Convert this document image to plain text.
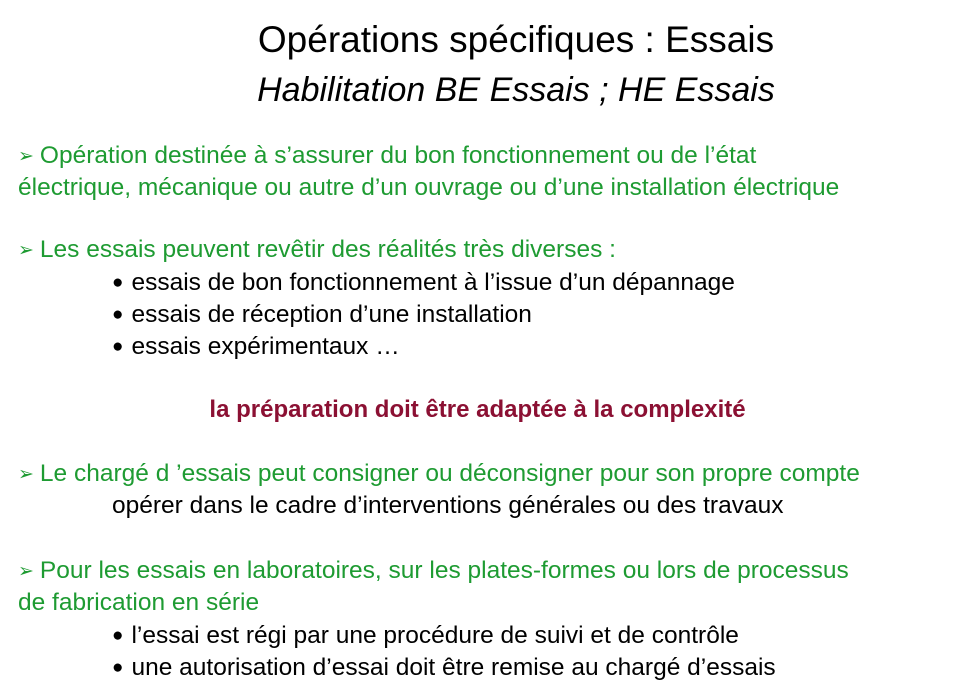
Opérations spécifiques : Essais
Habilitation BE Essais ; HE Essais
➢ Opération destinée à s’assurer du bon fonctionnement ou de l’état
électrique, mécanique ou autre d’un ouvrage ou d’une installation électrique
➢ Les essais peuvent revêtir des réalités très diverses :
● essais de bon fonctionnement à l’issue d’un dépannage
● essais de réception d’une installation
● essais expérimentaux …
la préparation doit être adaptée à la complexité
➢ Le chargé d ’essais peut consigner ou déconsigner pour son propre compte
opérer dans le cadre d’interventions générales ou des travaux
➢ Pour les essais en laboratoires, sur les plates-formes ou lors de processus
de fabrication en série
● l’essai est régi par une procédure de suivi et de contrôle
● une autorisation d’essai doit être remise au chargé d’essais
